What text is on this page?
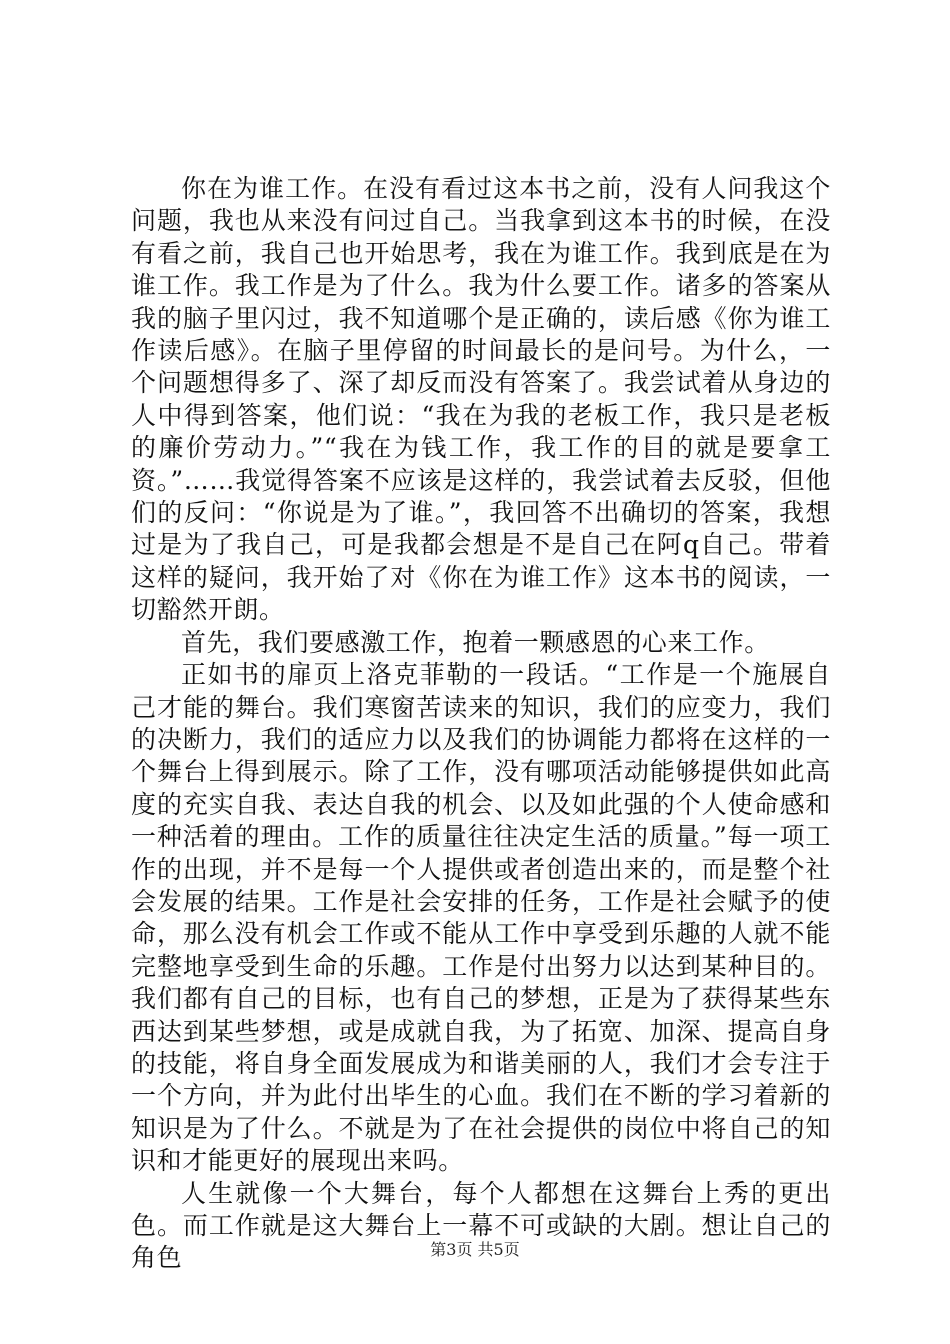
你在为谁工作。在没有看过这本书之前，没有人问我这个问题，我也从来没有问过自己。当我拿到这本书的时候，在没有看之前，我自己也开始思考，我在为谁工作。我到底是在为谁工作。我工作是为了什么。我为什么要工作。诸多的答案从我的脑子里闪过，我不知道哪个是正确的，读后感《你为谁工作读后感》。在脑子里停留的时间最长的是问号。为什么，一个问题想得多了、深了却反而没有答案了。我尝试着从身边的人中得到答案，他们说：“我在为我的老板工作，我只是老板的廉价劳动力。”“我在为钱工作，我工作的目的就是要拿工资。”……我觉得答案不应该是这样的，我尝试着去反驳，但他们的反问：“你说是为了谁。”，我回答不出确切的答案，我想过是为了我自己，可是我都会想是不是自己在阿q自己。带着这样的疑问，我开始了对《你在为谁工作》这本书的阅读，一切豁然开朗。

首先，我们要感激工作，抱着一颗感恩的心来工作。

正如书的扉页上洛克菲勒的一段话。“工作是一个施展自己才能的舞台。我们寒窗苦读来的知识，我们的应变力，我们的决断力，我们的适应力以及我们的协调能力都将在这样的一个舞台上得到展示。除了工作，没有哪项活动能够提供如此高度的充实自我、表达自我的机会、以及如此强的个人使命感和一种活着的理由。工作的质量往往决定生活的质量。”每一项工作的出现，并不是每一个人提供或者创造出来的，而是整个社会发展的结果。工作是社会安排的任务，工作是社会赋予的使命，那么没有机会工作或不能从工作中享受到乐趣的人就不能完整地享受到生命的乐趣。工作是付出努力以达到某种目的。我们都有自己的目标，也有自己的梦想，正是为了获得某些东西达到某些梦想，或是成就自我，为了拓宽、加深、提高自身的技能，将自身全面发展成为和谐美丽的人，我们才会专注于一个方向，并为此付出毕生的心血。我们在不断的学习着新的知识是为了什么。不就是为了在社会提供的岗位中将自己的知识和才能更好的展现出来吗。

人生就像一个大舞台，每个人都想在这舞台上秀的更出色。而工作就是这大舞台上一幕不可或缺的大剧。想让自己的角色	第3页 共5页
